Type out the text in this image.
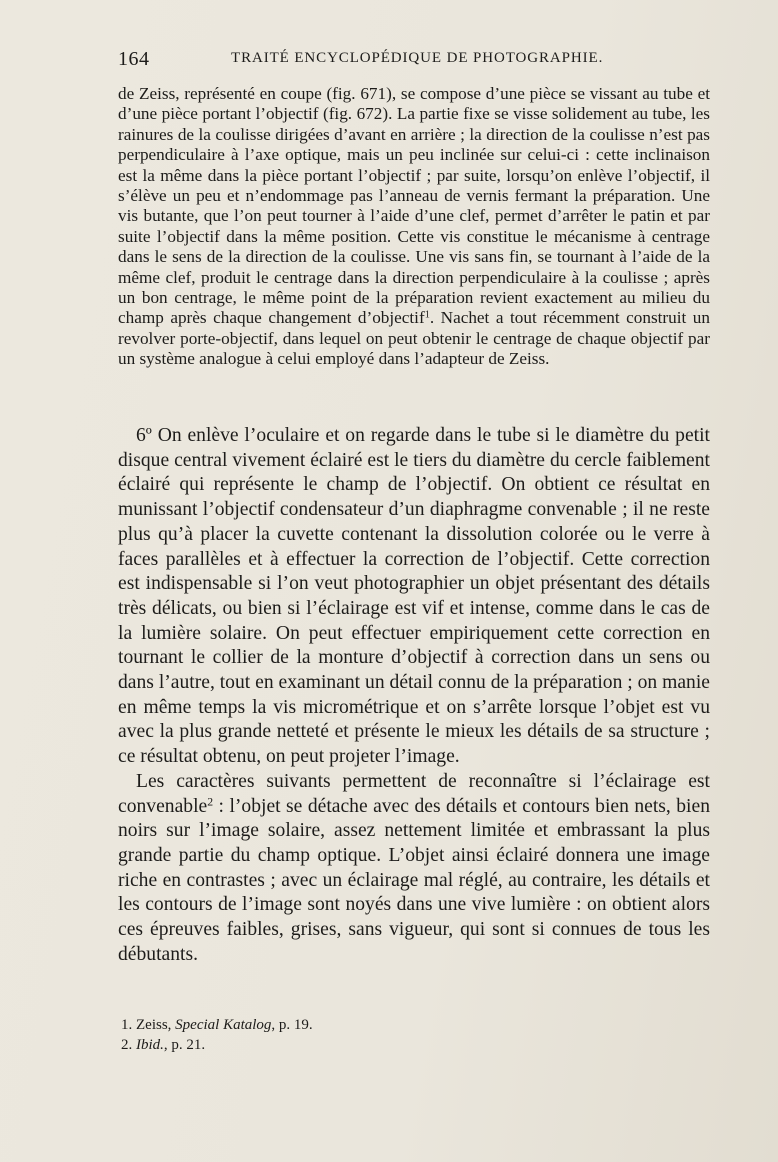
164	TRAITÉ ENCYCLOPÉDIQUE DE PHOTOGRAPHIE.

de Zeiss, représenté en coupe (fig. 671), se compose d’une pièce se vissant au tube et d’une pièce portant l’objectif (fig. 672). La partie fixe se visse solidement au tube, les rainures de la coulisse dirigées d’avant en arrière ; la direction de la coulisse n’est pas perpendiculaire à l’axe optique, mais un peu inclinée sur celui-ci : cette inclinaison est la même dans la pièce portant l’objectif ; par suite, lorsqu’on enlève l’objectif, il s’élève un peu et n’endommage pas l’anneau de vernis fermant la préparation. Une vis butante, que l’on peut tourner à l’aide d’une clef, permet d’arrêter le patin et par suite l’objectif dans la même position. Cette vis constitue le mécanisme à centrage dans le sens de la direction de la coulisse. Une vis sans fin, se tournant à l’aide de la même clef, produit le centrage dans la direction perpendiculaire à la coulisse ; après un bon centrage, le même point de la préparation revient exactement au milieu du champ après chaque changement d’objectif$^1$. Nachet a tout récemment construit un revolver porte-objectif, dans lequel on peut obtenir le centrage de chaque objectif par un système analogue à celui employé dans l’adapteur de Zeiss.

6º On enlève l’oculaire et on regarde dans le tube si le diamètre du petit disque central vivement éclairé est le tiers du diamètre du cercle faiblement éclairé qui représente le champ de l’objectif. On obtient ce résultat en munissant l’objectif condensateur d’un diaphragme convenable ; il ne reste plus qu’à placer la cuvette contenant la dissolution colorée ou le verre à faces parallèles et à effectuer la correction de l’objectif. Cette correction est indispensable si l’on veut photographier un objet présentant des détails très délicats, ou bien si l’éclairage est vif et intense, comme dans le cas de la lumière solaire. On peut effectuer empiriquement cette correction en tournant le collier de la monture d’objectif à correction dans un sens ou dans l’autre, tout en examinant un détail connu de la préparation ; on manie en même temps la vis micrométrique et on s’arrête lorsque l’objet est vu avec la plus grande netteté et présente le mieux les détails de sa structure ; ce résultat obtenu, on peut projeter l’image.

Les caractères suivants permettent de reconnaître si l’éclairage est convenable$^2$ : l’objet se détache avec des détails et contours bien nets, bien noirs sur l’image solaire, assez nettement limitée et embrassant la plus grande partie du champ optique. L’objet ainsi éclairé donnera une image riche en contrastes ; avec un éclairage mal réglé, au contraire, les détails et les contours de l’image sont noyés dans une vive lumière : on obtient alors ces épreuves faibles, grises, sans vigueur, qui sont si connues de tous les débutants.

1. Zeiss, Special Katalog, p. 19.
2. Ibid., p. 21.
